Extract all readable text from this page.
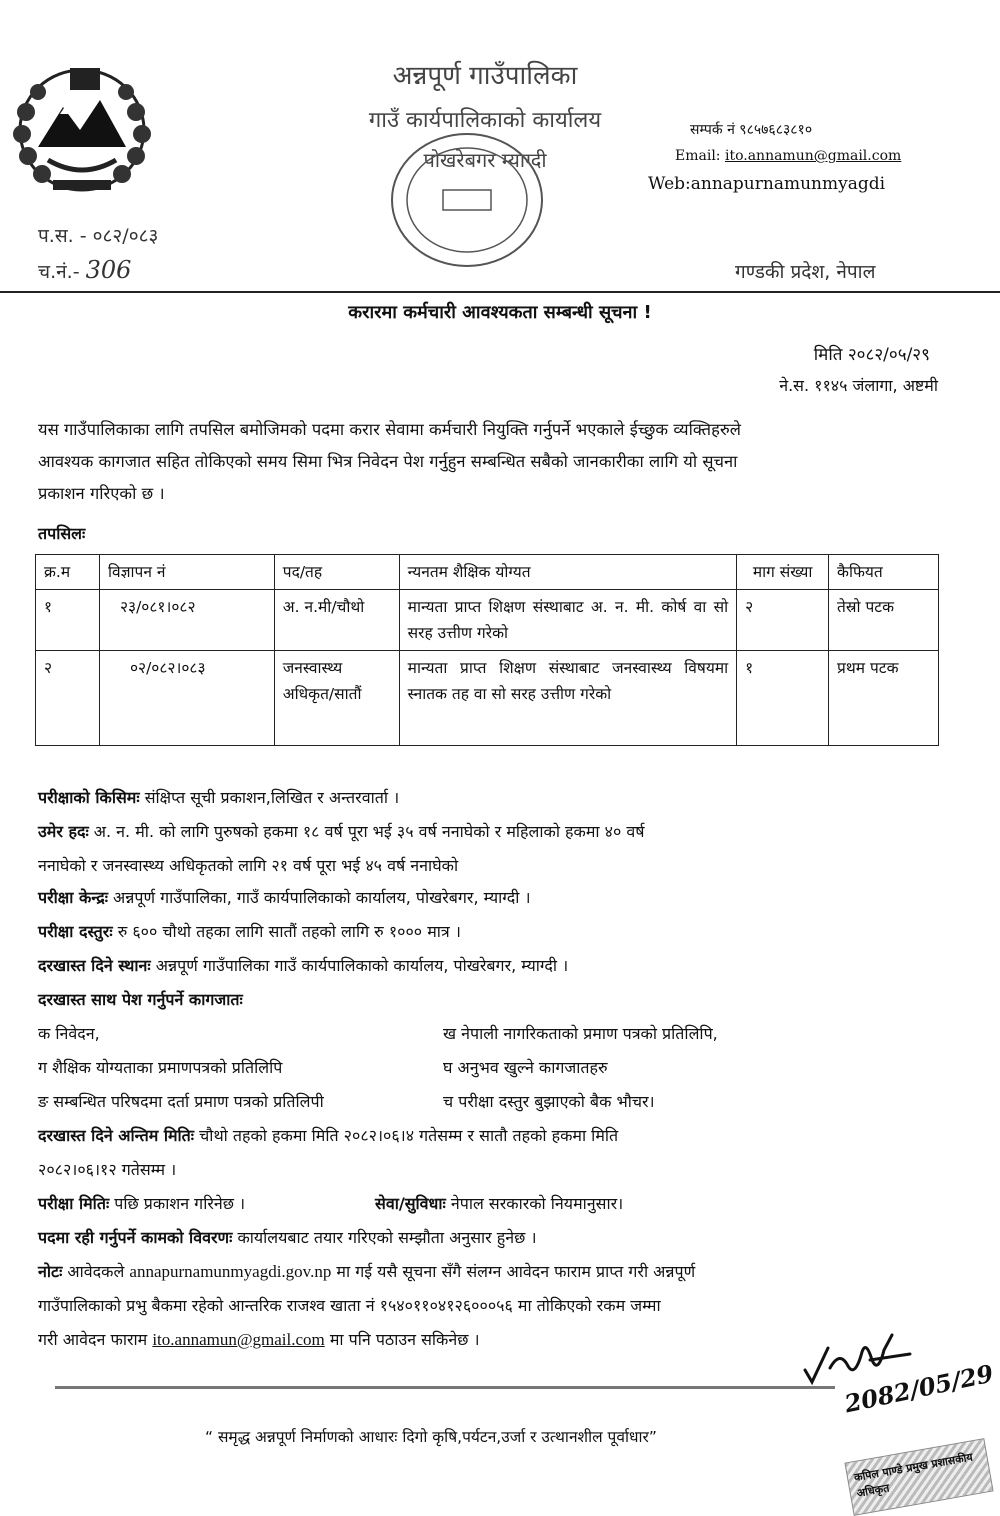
अन्नपूर्ण गाउँपालिका
गाउँ कार्यपालिकाको कार्यालय
पोखरेबगर म्याग्दी
सम्पर्क नं ९८५७६८३८१०
Email: ito.annamun@gmail.com
Web:annapurnamunmyagdi
प.स. - ०८२/०८३
च.नं.- 306	गण्डकी प्रदेश, नेपाल
करारमा कर्मचारी आवश्यकता सम्बन्धी सूचना !
मिति २०८२/०५/२९
ने.स. ११४५ जंलागा, अष्टमी
यस गाउँपालिकाका लागि तपसिल बमोजिमको पदमा करार सेवामा कर्मचारी नियुक्ति गर्नुपर्ने भएकाले ईच्छुक व्यक्तिहरुले
आवश्यक कागजात सहित तोकिएको समय सिमा भित्र निवेदन पेश गर्नुहुन सम्बन्धित सबैको जानकारीका लागि यो सूचना
प्रकाशन गरिएको छ ।
तपसिलः
क्र.म	विज्ञापन नं	पद/तह	न्यनतम शैक्षिक योग्यत	माग संख्या	कैफियत
१	२३/०८१।०८२	अ. न.मी/चौथो	मान्यता प्राप्त शिक्षण संस्थाबाट अ. न. मी. कोर्ष वा सो सरह उत्तीण गरेको	२	तेस्रो पटक
२	०२/०८२।०८३	जनस्वास्थ्य अधिकृत/सातौं	मान्यता प्राप्त शिक्षण संस्थाबाट जनस्वास्थ्य विषयमा स्नातक तह वा सो सरह उत्तीण गरेको	१	प्रथम पटक
परीक्षाको किसिमः संक्षिप्त सूची प्रकाशन,लिखित र अन्तरवार्ता ।
उमेर हदः अ. न. मी. को लागि पुरुषको हकमा १८ वर्ष पूरा भई ३५ वर्ष ननाघेको र महिलाको हकमा ४० वर्ष
ननाघेको र जनस्वास्थ्य अधिकृतको लागि २१ वर्ष पूरा भई ४५ वर्ष ननाघेको
परीक्षा केन्द्रः अन्नपूर्ण गाउँपालिका, गाउँ कार्यपालिकाको कार्यालय, पोखरेबगर, म्याग्दी ।
परीक्षा दस्तुरः रु ६०० चौथो तहका लागि सातौं तहको लागि रु १००० मात्र ।
दरखास्त दिने स्थानः अन्नपूर्ण गाउँपालिका गाउँ कार्यपालिकाको कार्यालय, पोखरेबगर, म्याग्दी ।
दरखास्त साथ पेश गर्नुपर्ने कागजातः
क निवेदन,	ख नेपाली नागरिकताको प्रमाण पत्रको प्रतिलिपि,
ग शैक्षिक योग्यताका प्रमाणपत्रको प्रतिलिपि	घ अनुभव खुल्ने कागजातहरु
ङ सम्बन्धित परिषदमा दर्ता प्रमाण पत्रको प्रतिलिपी	च परीक्षा दस्तुर बुझाएको बैक भौचर।
दरखास्त दिने अन्तिम मितिः चौथो तहको हकमा मिति २०८२।०६।४ गतेसम्म र सातौ तहको हकमा मिति
२०८२।०६।१२ गतेसम्म ।
परीक्षा मितिः पछि प्रकाशन गरिनेछ ।	सेवा/सुविधाः नेपाल सरकारको नियमानुसार।
पदमा रही गर्नुपर्ने कामको विवरणः कार्यालयबाट तयार गरिएको सम्झौता अनुसार हुनेछ ।
नोटः आवेदकले annapurnamunmyagdi.gov.np मा गई यसै सूचना सँगै संलग्न आवेदन फाराम प्राप्त गरी अन्नपूर्ण
गाउँपालिकाको प्रभु बैकमा रहेको आन्तरिक राजश्व खाता नं १५४०११०४१२६०००५६ मा तोकिएको रकम जम्मा
गरी आवेदन फाराम ito.annamun@gmail.com मा पनि पठाउन सकिनेछ ।
“ समृद्ध अन्नपूर्ण निर्माणको आधारः दिगो कृषि,पर्यटन,उर्जा र उत्थानशील पूर्वाधार”
2082/05/29
कपिल पाण्डे प्रमुख प्रशासकीय अधिकृत
